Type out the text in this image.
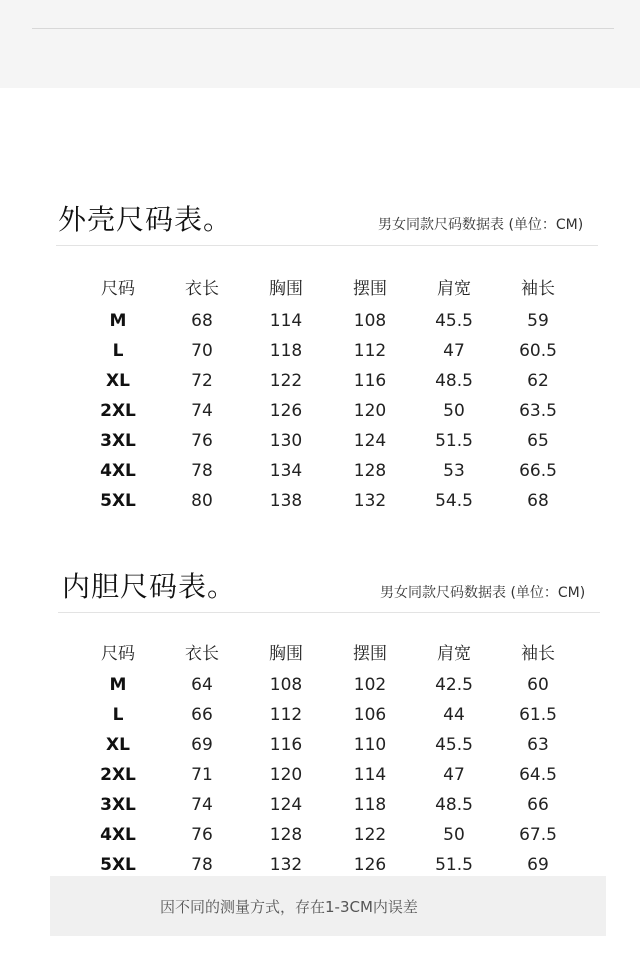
外壳尺码表。	男女同款尺码数据表 (单位：CM)
尺码	衣长	胸围	摆围	肩宽	袖长
M	68	114	108	45.5	59
L	70	118	112	47	60.5
XL	72	122	116	48.5	62
2XL	74	126	120	50	63.5
3XL	76	130	124	51.5	65
4XL	78	134	128	53	66.5
5XL	80	138	132	54.5	68
内胆尺码表。	男女同款尺码数据表 (单位：CM)
尺码	衣长	胸围	摆围	肩宽	袖长
M	64	108	102	42.5	60
L	66	112	106	44	61.5
XL	69	116	110	45.5	63
2XL	71	120	114	47	64.5
3XL	74	124	118	48.5	66
4XL	76	128	122	50	67.5
5XL	78	132	126	51.5	69
因不同的测量方式，存在1-3CM内误差
